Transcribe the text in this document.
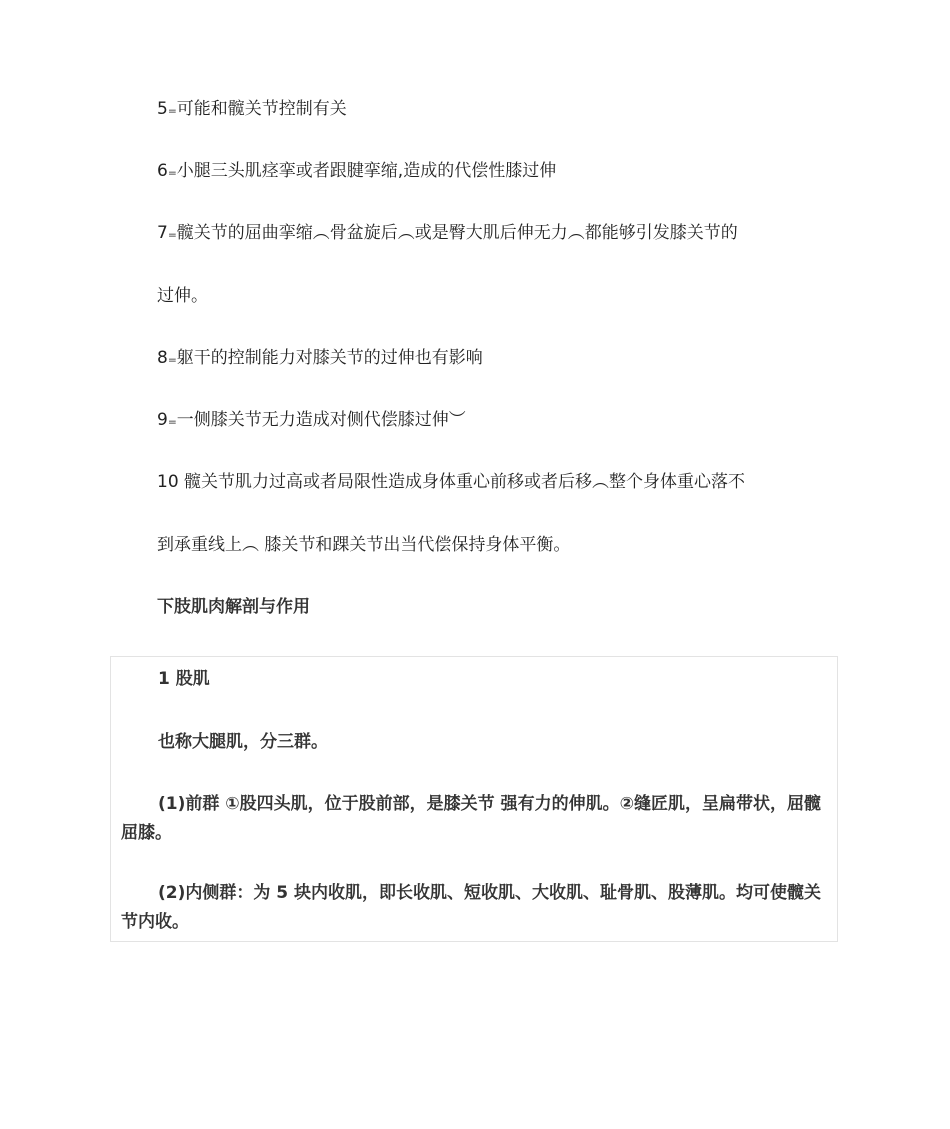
5₌可能和髋关节控制有关
6₌小腿三头肌痉挛或者跟腱挛缩,造成的代偿性膝过伸
7₌髋关节的屈曲挛缩︵骨盆旋后︵或是臀大肌后伸无力︵都能够引发膝关节的
过伸。
8₌躯干的控制能力对膝关节的过伸也有影响
9₌一侧膝关节无力造成对侧代偿膝过伸︶
10 髋关节肌力过高或者局限性造成身体重心前移或者后移︵整个身体重心落不
到承重线上︵ 膝关节和踝关节出当代偿保持身体平衡。
下肢肌肉解剖与作用
1 股肌
也称大腿肌，分三群。
(1)前群 ①股四头肌，位于股前部，是膝关节 强有力的伸肌。②缝匠肌，呈扁带状，屈髋屈膝。
(2)内侧群：为 5 块内收肌，即长收肌、短收肌、大收肌、耻骨肌、股薄肌。均可使髋关节内收。
